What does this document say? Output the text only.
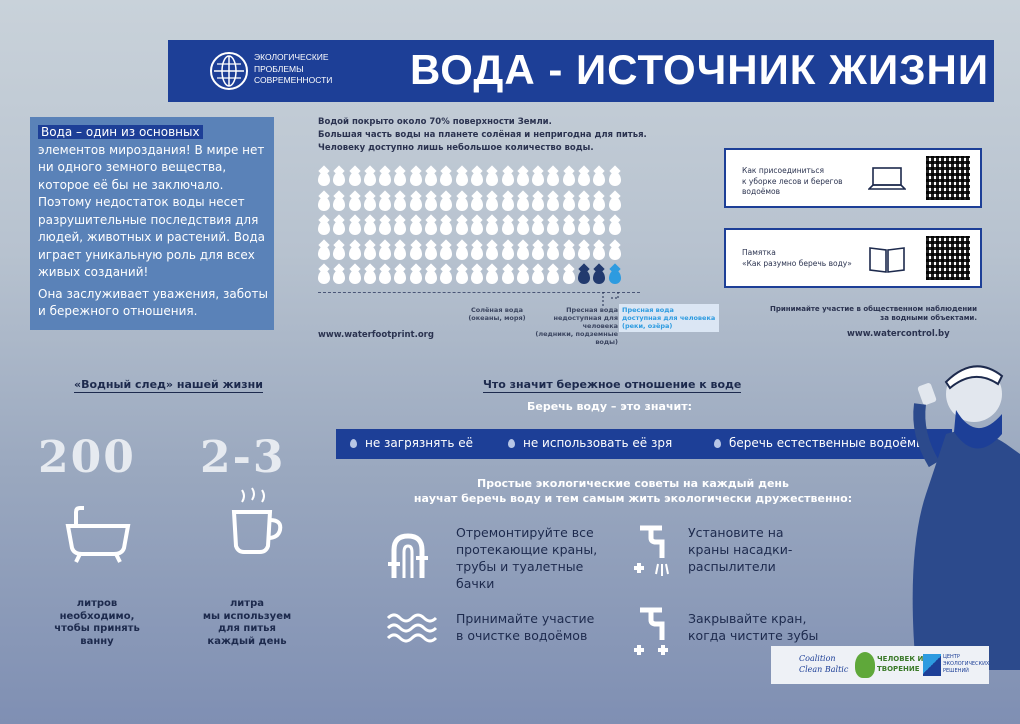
ЭКОЛОГИЧЕСКИЕ
ПРОБЛЕМЫ
СОВРЕМЕННОСТИ ВОДА - ИСТОЧНИК ЖИЗНИ

Вода – один из основных элементов мироздания! В мире нет ни одного земного вещества, которое её бы не заключало. Поэтому недостаток воды несет разрушительные последствия для людей, животных и растений. Вода играет уникальную роль для всех живых созданий!

Она заслуживает уважения, заботы и бережного отношения.

Водой покрыто около 70% поверхности Земли.
Большая часть воды на планете солёная и непригодна для питья.
Человеку доступно лишь небольшое количество воды.
Солёная вода
(океаны, моря)
Пресная вода
недоступная для человека
(ледники, подземные воды)
Пресная вода
доступная для человека
(реки, озёра)
www.waterfootprint.org
Как присоединиться
к уборке лесов и берегов
водоёмов
Памятка
«Как разумно беречь воду»
Принимайте участие в общественном наблюдении
за водными объектами.
www.watercontrol.by
«Водный след» нашей жизни
200 2-3
литров
необходимо,
чтобы принять
ванну
литра
мы используем
для питья
каждый день
Что значит бережное отношение к воде
Беречь воду – это значит:
не загрязнять её	не использовать её зря	беречь естественные водоёмы
Простые экологические советы на каждый день
научат беречь воду и тем самым жить экологически дружественно:
Отремонтируйте все
протекающие краны,
трубы и туалетные
бачки
Установите на
краны насадки-
распылители
Принимайте участие
в очистке водоёмов
Закрывайте кран,
когда чистите зубы
Coalition
Clean Baltic
ЧЕЛОВЕК И
ТВОРЕНИЕ
ЦЕНТР
ЭКОЛОГИЧЕСКИХ
РЕШЕНИЙ
